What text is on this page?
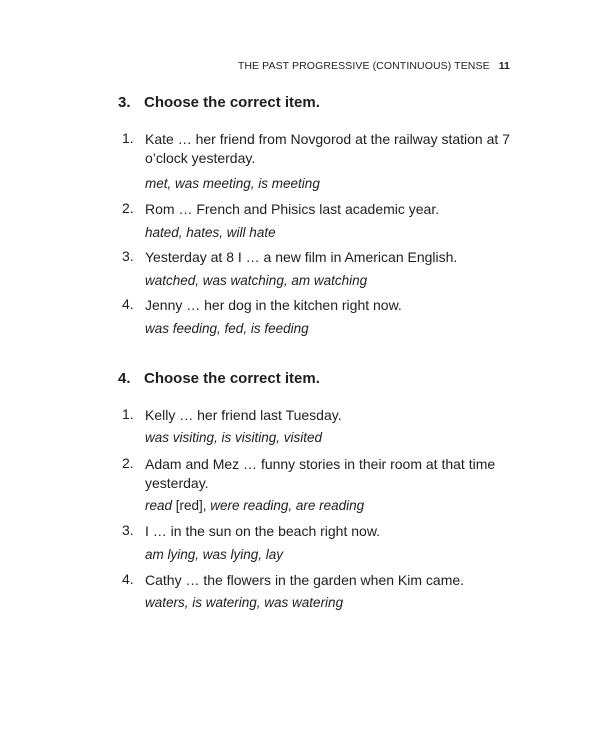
THE PAST PROGRESSIVE (CONTINUOUS) TENSE 11
3. Choose the correct item.
1. Kate … her friend from Novgorod at the railway station at 7 o’clock yesterday.
met, was meeting, is meeting
2. Rom … French and Phisics last academic year.
hated, hates, will hate
3. Yesterday at 8 I … a new film in American English.
watched, was watching, am watching
4. Jenny … her dog in the kitchen right now.
was feeding, fed, is feeding
4. Choose the correct item.
1. Kelly … her friend last Tuesday.
was visiting, is visiting, visited
2. Adam and Mez … funny stories in their room at that time yesterday.
read [red], were reading, are reading
3. I … in the sun on the beach right now.
am lying, was lying, lay
4. Cathy … the flowers in the garden when Kim came.
waters, is watering, was watering
